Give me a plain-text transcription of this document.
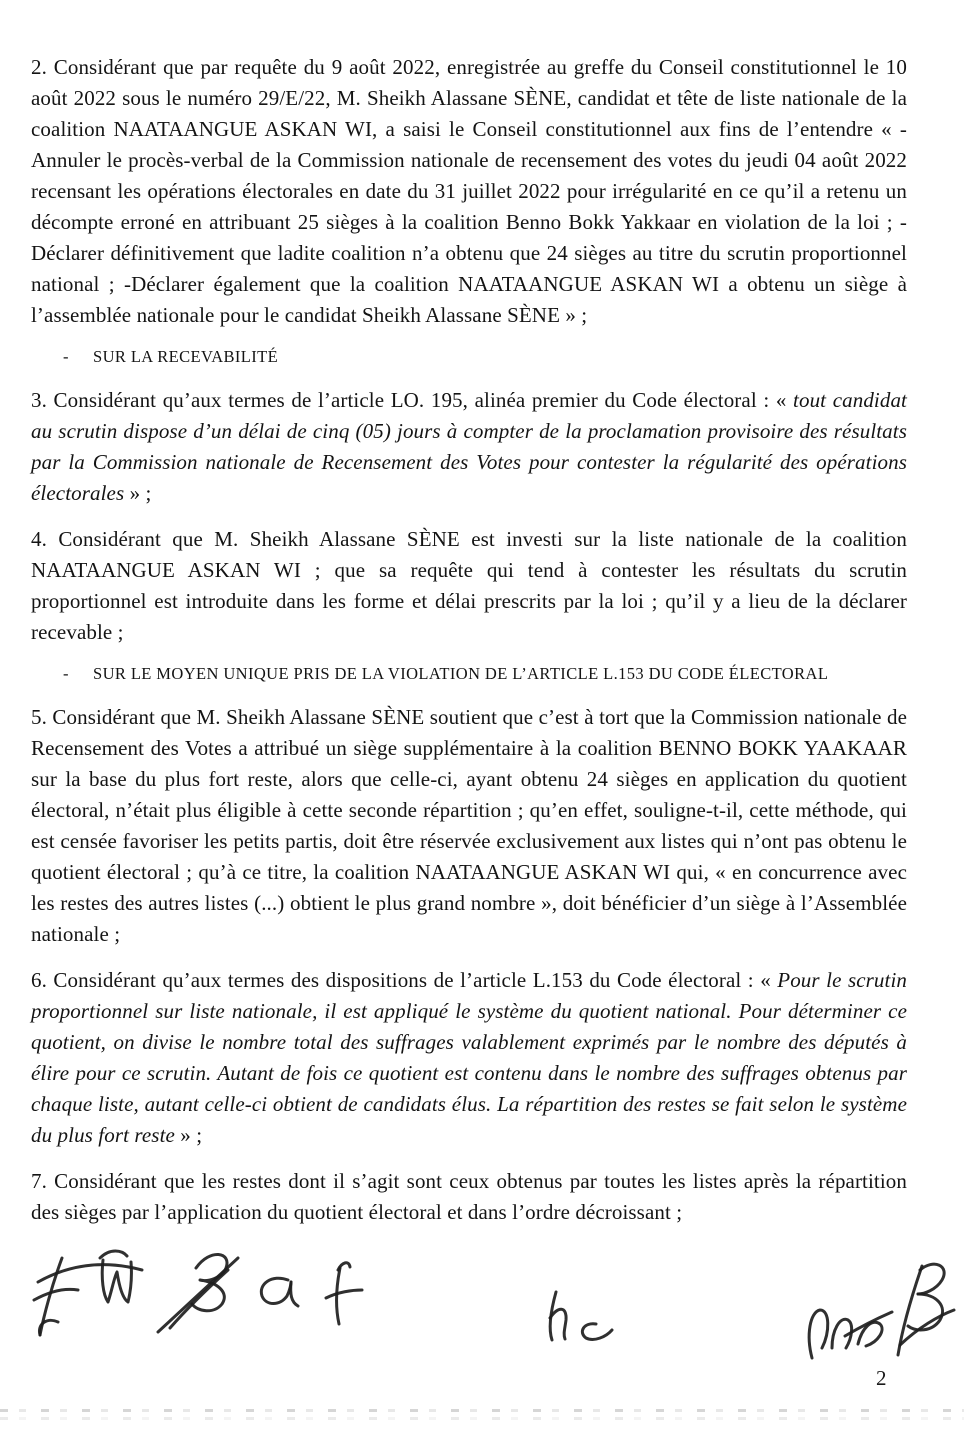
2. Considérant que par requête du 9 août 2022, enregistrée au greffe du Conseil constitutionnel le 10 août 2022 sous le numéro 29/E/22, M. Sheikh Alassane SÈNE, candidat et tête de liste nationale de la coalition NAATAANGUE ASKAN WI, a saisi le Conseil constitutionnel aux fins de l’entendre « -Annuler le procès-verbal de la Commission nationale de recensement des votes du jeudi 04 août 2022 recensant les opérations électorales en date du 31 juillet 2022 pour irrégularité en ce qu’il a retenu un décompte erroné en attribuant 25 sièges à la coalition Benno Bokk Yakkaar en violation de la loi ; -Déclarer définitivement que ladite coalition n’a obtenu que 24 sièges au titre du scrutin proportionnel national ; -Déclarer également que la coalition NAATAANGUE ASKAN WI a obtenu un siège à l’assemblée nationale pour le candidat Sheikh Alassane SÈNE » ;

-	SUR LA RECEVABILITÉ

3. Considérant qu’aux termes de l’article LO. 195, alinéa premier du Code électoral : « tout candidat au scrutin dispose d’un délai de cinq (05) jours à compter de la proclamation provisoire des résultats par la Commission nationale de Recensement des Votes pour contester la régularité des opérations électorales » ;

4. Considérant que M. Sheikh Alassane SÈNE est investi sur la liste nationale de la coalition NAATAANGUE ASKAN WI ; que sa requête qui tend à contester les résultats du scrutin proportionnel est introduite dans les forme et délai prescrits par la loi ; qu’il y a lieu de la déclarer recevable ;

-	SUR LE MOYEN UNIQUE PRIS DE LA VIOLATION DE L’ARTICLE L.153 DU CODE ÉLECTORAL

5. Considérant que M. Sheikh Alassane SÈNE soutient que c’est à tort que la Commission nationale de Recensement des Votes a attribué un siège supplémentaire à la coalition BENNO BOKK YAAKAAR sur la base du plus fort reste, alors que celle-ci, ayant obtenu 24 sièges en application du quotient électoral, n’était plus éligible à cette seconde répartition ; qu’en effet, souligne-t-il, cette méthode, qui est censée favoriser les petits partis, doit être réservée exclusivement aux listes qui n’ont pas obtenu le quotient électoral ; qu’à ce titre, la coalition NAATAANGUE ASKAN WI qui, « en concurrence avec les restes des autres listes (...) obtient le plus grand nombre », doit bénéficier d’un siège à l’Assemblée nationale ;

6. Considérant qu’aux termes des dispositions de l’article L.153 du Code électoral : « Pour le scrutin proportionnel sur liste nationale, il est appliqué le système du quotient national. Pour déterminer ce quotient, on divise le nombre total des suffrages valablement exprimés par le nombre des députés à élire pour ce scrutin. Autant de fois ce quotient est contenu dans le nombre des suffrages obtenus par chaque liste, autant celle-ci obtient de candidats élus. La répartition des restes se fait selon le système du plus fort reste » ;

7. Considérant que les restes dont il s’agit sont ceux obtenus par toutes les listes après la répartition des sièges par l’application du quotient électoral et dans l’ordre décroissant ;

2
